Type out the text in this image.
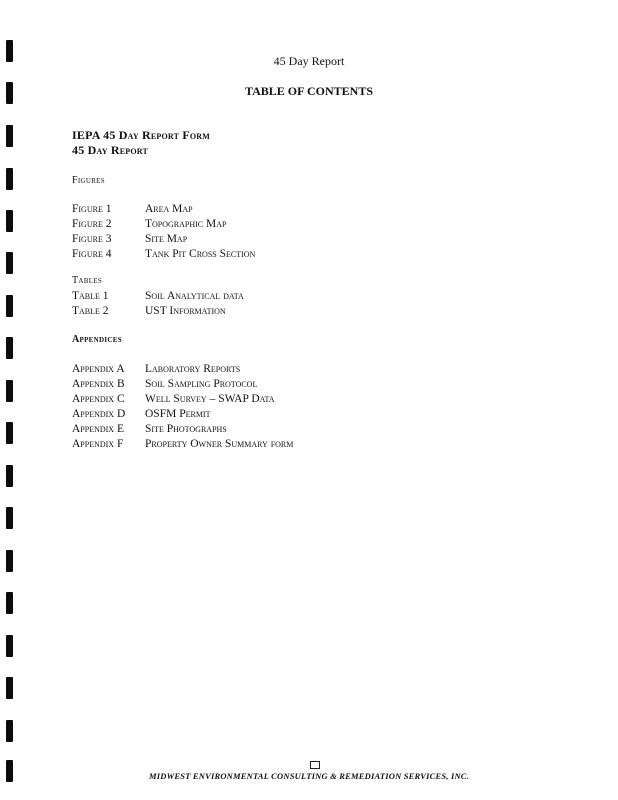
45 Day Report
TABLE OF CONTENTS
IEPA 45 Day Report Form
45 Day Report
Figures
Figure 1	Area Map
Figure 2	Topographic Map
Figure 3	Site Map
Figure 4	Tank Pit Cross Section
Tables
Table 1	Soil Analytical data
Table 2	UST Information
Appendices
Appendix A Laboratory Reports
Appendix B Soil Sampling Protocol
Appendix C Well Survey – SWAP Data
Appendix D OSFM Permit
Appendix E Site Photographs
Appendix F Property Owner Summary form
MIDWEST ENVIRONMENTAL CONSULTING & REMEDIATION SERVICES, INC.
